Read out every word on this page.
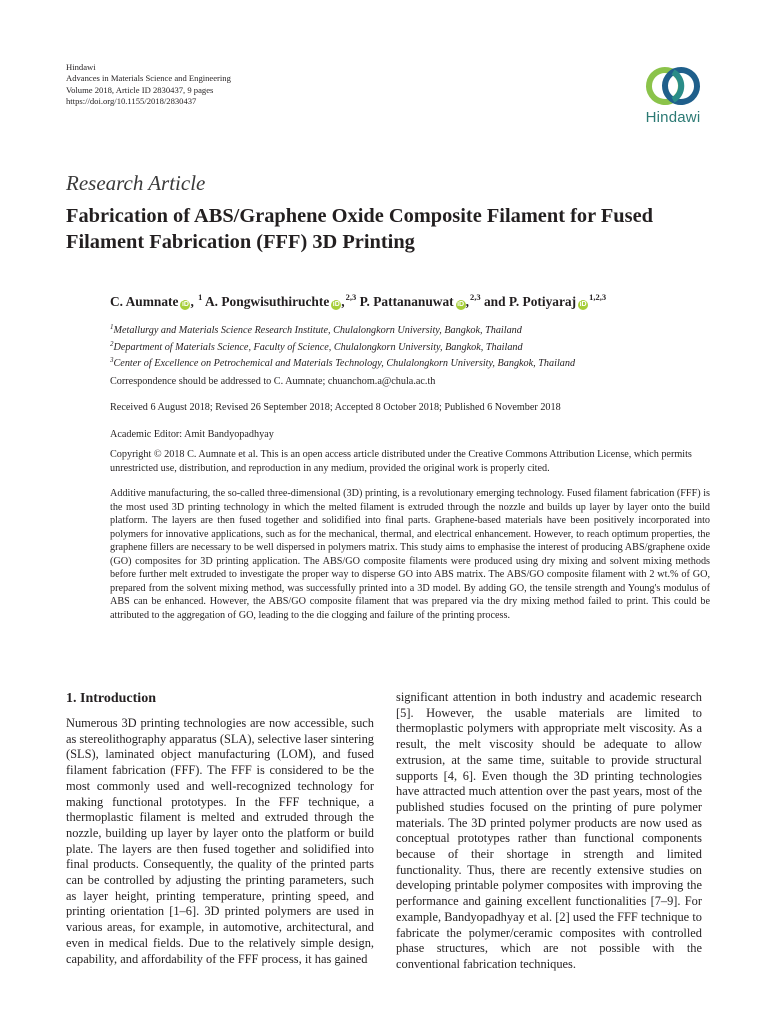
Hindawi
Advances in Materials Science and Engineering
Volume 2018, Article ID 2830437, 9 pages
https://doi.org/10.1155/2018/2830437
Hindawi
Research Article
Fabrication of ABS/Graphene Oxide Composite Filament for Fused Filament Fabrication (FFF) 3D Printing
C. Aumnate iD , $^1$ A. Pongwisuthiruchte iD ,$^{2,3}$ P. Pattananuwat iD ,$^{2,3}$ and P. Potiyaraj iD$^{1,2,3}$
$^1$Metallurgy and Materials Science Research Institute, Chulalongkorn University, Bangkok, Thailand
$^2$Department of Materials Science, Faculty of Science, Chulalongkorn University, Bangkok, Thailand
$^3$Center of Excellence on Petrochemical and Materials Technology, Chulalongkorn University, Bangkok, Thailand
Correspondence should be addressed to C. Aumnate; chuanchom.a@chula.ac.th
Received 6 August 2018; Revised 26 September 2018; Accepted 8 October 2018; Published 6 November 2018
Academic Editor: Amit Bandyopadhyay
Copyright © 2018 C. Aumnate et al. This is an open access article distributed under the Creative Commons Attribution License, which permits unrestricted use, distribution, and reproduction in any medium, provided the original work is properly cited.
Additive manufacturing, the so-called three-dimensional (3D) printing, is a revolutionary emerging technology. Fused filament fabrication (FFF) is the most used 3D printing technology in which the melted filament is extruded through the nozzle and builds up layer by layer onto the build platform. The layers are then fused together and solidified into final parts. Graphene-based materials have been positively incorporated into polymers for innovative applications, such as for the mechanical, thermal, and electrical enhancement. However, to reach optimum properties, the graphene fillers are necessary to be well dispersed in polymers matrix. This study aims to emphasise the interest of producing ABS/graphene oxide (GO) composites for 3D printing application. The ABS/GO composite filaments were produced using dry mixing and solvent mixing methods before further melt extruded to investigate the proper way to disperse GO into ABS matrix. The ABS/GO composite filament with 2 wt.% of GO, prepared from the solvent mixing method, was successfully printed into a 3D model. By adding GO, the tensile strength and Young's modulus of ABS can be enhanced. However, the ABS/GO composite filament that was prepared via the dry mixing method failed to print. This could be attributed to the aggregation of GO, leading to the die clogging and failure of the printing process.
1. Introduction

Numerous 3D printing technologies are now accessible, such as stereolithography apparatus (SLA), selective laser sintering (SLS), laminated object manufacturing (LOM), and fused filament fabrication (FFF). The FFF is considered to be the most commonly used and well-recognized technology for making functional prototypes. In the FFF technique, a thermoplastic filament is melted and extruded through the nozzle, building up layer by layer onto the platform or build plate. The layers are then fused together and solidified into final products. Consequently, the quality of the printed parts can be controlled by adjusting the printing parameters, such as layer height, printing temperature, printing speed, and printing orientation [1–6]. 3D printed polymers are used in various areas, for example, in automotive, architectural, and even in medical fields. Due to the relatively simple design, capability, and affordability of the FFF process, it has gained

significant attention in both industry and academic research [5]. However, the usable materials are limited to thermoplastic polymers with appropriate melt viscosity. As a result, the melt viscosity should be adequate to allow extrusion, at the same time, suitable to provide structural supports [4, 6]. Even though the 3D printing technologies have attracted much attention over the past years, most of the published studies focused on the printing of pure polymer materials. The 3D printed polymer products are now used as conceptual prototypes rather than functional components because of their shortage in strength and limited functionality. Thus, there are recently extensive studies on developing printable polymer composites with improving the performance and gaining excellent functionalities [7–9]. For example, Bandyopadhyay et al. [2] used the FFF technique to fabricate the polymer/ceramic composites with controlled phase structures, which are not possible with the conventional fabrication techniques.
